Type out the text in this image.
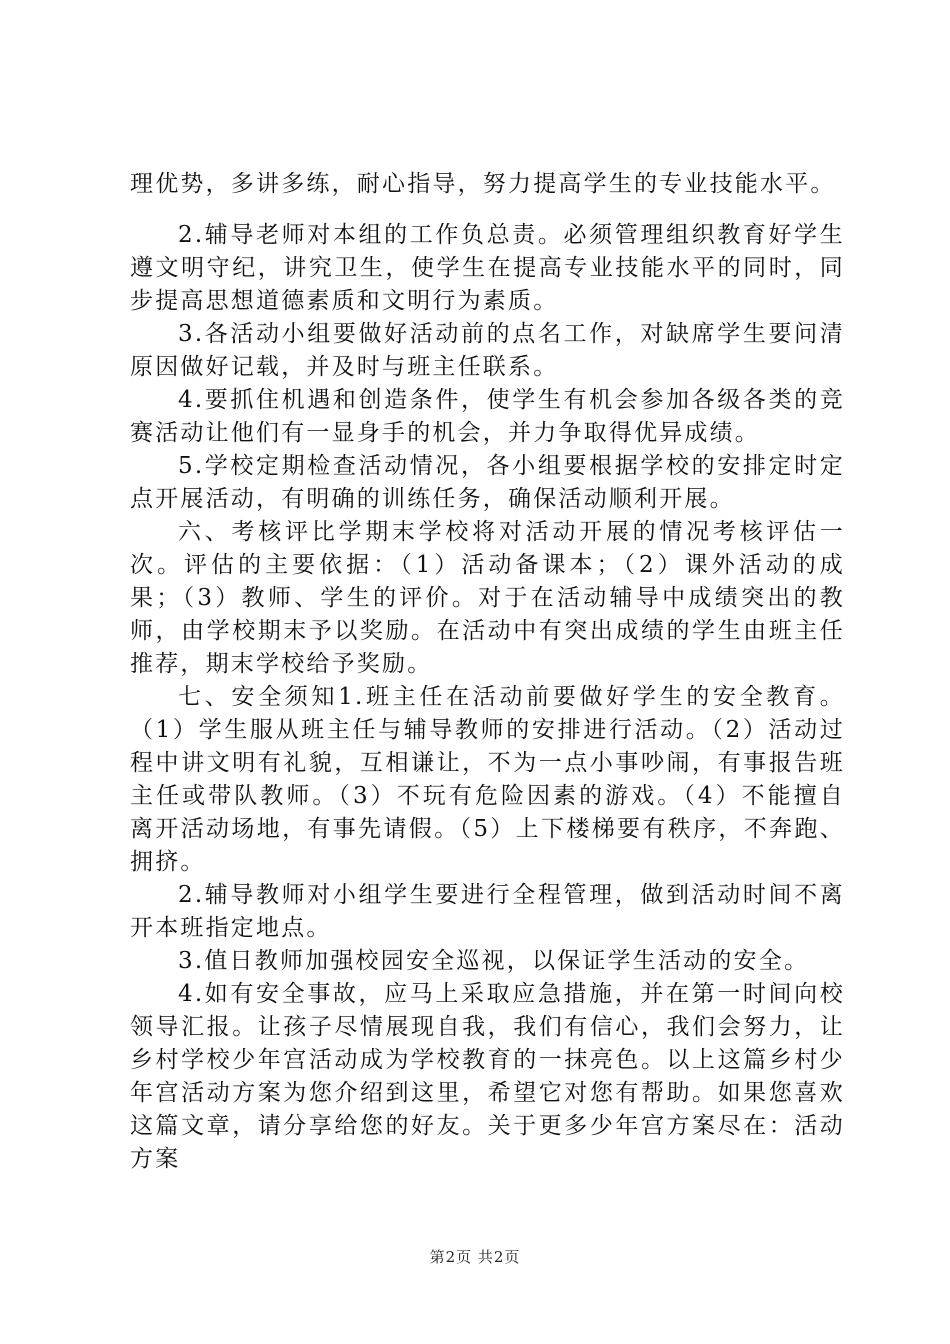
理优势，多讲多练，耐心指导，努力提高学生的专业技能水平。

2.辅导老师对本组的工作负总责。必须管理组织教育好学生遵文明守纪，讲究卫生，使学生在提高专业技能水平的同时，同步提高思想道德素质和文明行为素质。

3.各活动小组要做好活动前的点名工作，对缺席学生要问清原因做好记载，并及时与班主任联系。

4.要抓住机遇和创造条件，使学生有机会参加各级各类的竞赛活动让他们有一显身手的机会，并力争取得优异成绩。

5.学校定期检查活动情况，各小组要根据学校的安排定时定点开展活动，有明确的训练任务，确保活动顺利开展。

六、考核评比学期末学校将对活动开展的情况考核评估一次。评估的主要依据：（1）活动备课本；（2）课外活动的成果；（3）教师、学生的评价。对于在活动辅导中成绩突出的教师，由学校期末予以奖励。在活动中有突出成绩的学生由班主任推荐，期末学校给予奖励。

七、安全须知1.班主任在活动前要做好学生的安全教育。（1）学生服从班主任与辅导教师的安排进行活动。（2）活动过程中讲文明有礼貌，互相谦让，不为一点小事吵闹，有事报告班主任或带队教师。（3）不玩有危险因素的游戏。（4）不能擅自离开活动场地，有事先请假。（5）上下楼梯要有秩序，不奔跑、拥挤。

2.辅导教师对小组学生要进行全程管理，做到活动时间不离开本班指定地点。

3.值日教师加强校园安全巡视，以保证学生活动的安全。

4.如有安全事故，应马上采取应急措施，并在第一时间向校领导汇报。让孩子尽情展现自我，我们有信心，我们会努力，让乡村学校少年宫活动成为学校教育的一抹亮色。以上这篇乡村少年宫活动方案为您介绍到这里，希望它对您有帮助。如果您喜欢这篇文章，请分享给您的好友。关于更多少年宫方案尽在：活动方案

第2页 共2页
